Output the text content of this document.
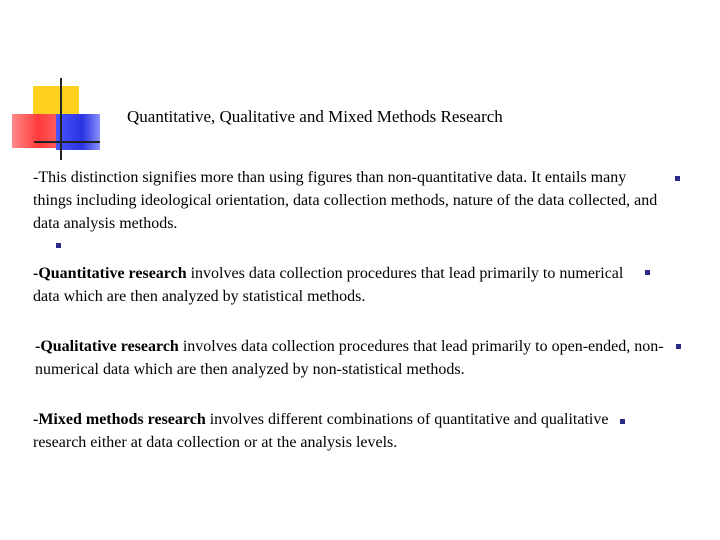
Quantitative, Qualitative and Mixed Methods Research
-This distinction signifies more than using figures than non-quantitative data. It entails many things including ideological orientation, data collection methods, nature of the data collected, and data analysis methods.
-Quantitative research involves data collection procedures that lead primarily to numerical data which are then analyzed by statistical methods.
-Qualitative research involves data collection procedures that lead primarily to open-ended, non-numerical data which are then analyzed by non-statistical methods.
-Mixed methods research involves different combinations of quantitative and qualitative research either at data collection or at the analysis levels.
